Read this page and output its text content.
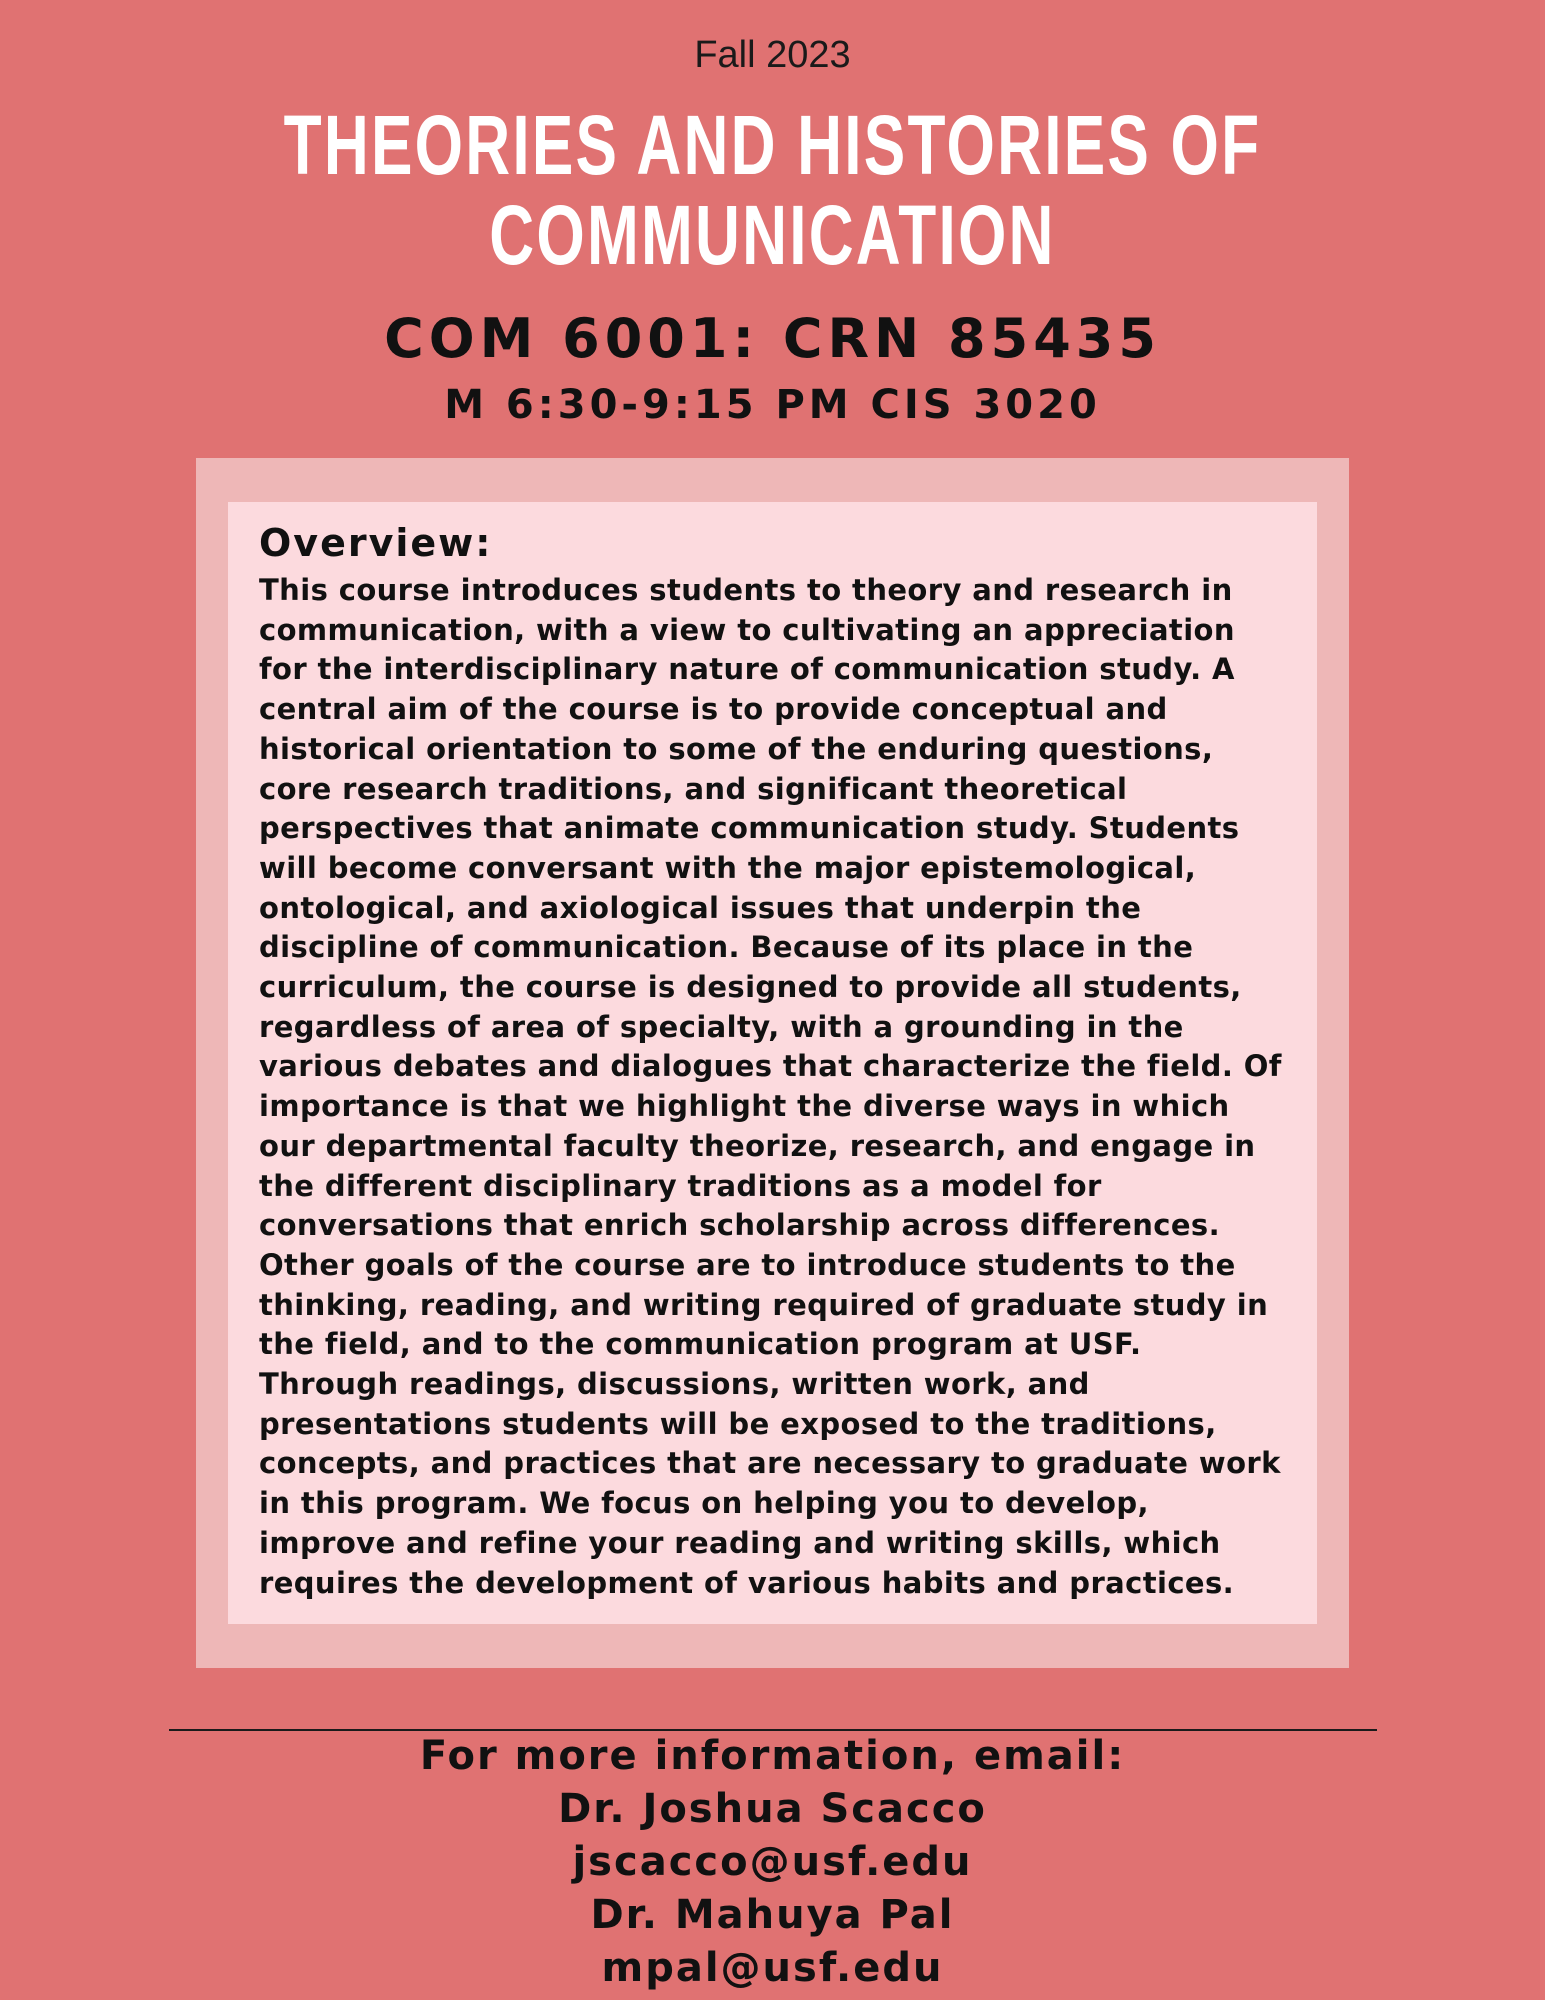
Fall 2023
THEORIES AND HISTORIES OF
COMMUNICATION
COM 6001: CRN 85435
M 6:30-9:15 PM CIS 3020
Overview:
This course introduces students to theory and research in communication, with a view to cultivating an appreciation for the interdisciplinary nature of communication study. A central aim of the course is to provide conceptual and historical orientation to some of the enduring questions, core research traditions, and significant theoretical perspectives that animate communication study. Students will become conversant with the major epistemological, ontological, and axiological issues that underpin the discipline of communication. Because of its place in the curriculum, the course is designed to provide all students, regardless of area of specialty, with a grounding in the various debates and dialogues that characterize the field. Of importance is that we highlight the diverse ways in which our departmental faculty theorize, research, and engage in the different disciplinary traditions as a model for conversations that enrich scholarship across differences. Other goals of the course are to introduce students to the thinking, reading, and writing required of graduate study in the field, and to the communication program at USF. Through readings, discussions, written work, and presentations students will be exposed to the traditions, concepts, and practices that are necessary to graduate work in this program. We focus on helping you to develop, improve and refine your reading and writing skills, which requires the development of various habits and practices.
For more information, email:
Dr. Joshua Scacco
jscacco@usf.edu
Dr. Mahuya Pal
mpal@usf.edu
